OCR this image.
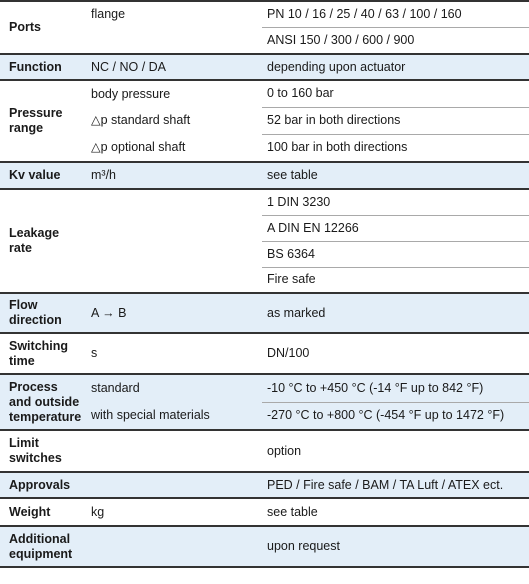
Ports	flange	PN 10 / 16 / 25 / 40 / 63 / 100 / 160
		ANSI 150 / 300 / 600 / 900
Function	NC / NO / DA	depending upon actuator
Pressure range	body pressure	0 to 160 bar
	△p standard shaft	52 bar in both directions
	△p optional shaft	100 bar in both directions
Kv value	m³/h	see table
Leakage rate		1 DIN 3230
		A DIN EN 12266
		BS 6364
		Fire safe
Flow direction	A → B	as marked
Switching time	s	DN/100
Process and outside temperature	standard	-10 °C to +450 °C (-14 °F up to 842 °F)
	with special materials	-270 °C to +800 °C (-454 °F up to 1472 °F)
Limit switches		option
Approvals		PED / Fire safe / BAM / TA Luft / ATEX ect.
Weight	kg	see table
Additional equipment		upon request
